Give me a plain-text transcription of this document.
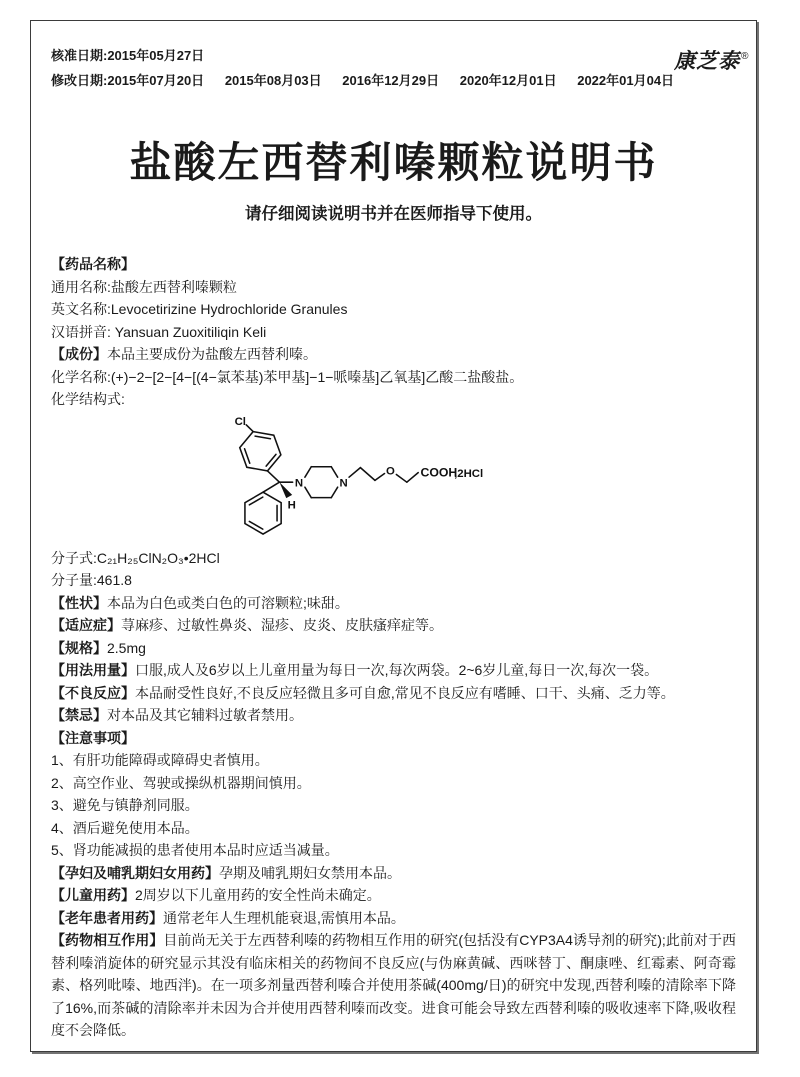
核准日期:2015年05月27日
修改日期:2015年07月20日 2015年08月03日 2016年12月29日 2020年12月01日 2022年01月04日
康芝泰®
盐酸左西替利嗪颗粒说明书
请仔细阅读说明书并在医师指导下使用。
【药品名称】
通用名称:盐酸左西替利嗪颗粒
英文名称:Levocetirizine Hydrochloride Granules
汉语拼音: Yansuan Zuoxitiliqin Keli
【成份】本品主要成份为盐酸左西替利嗪。
化学名称:(+)−2−[2−[4−[(4−氯苯基)苯甲基]−1−哌嗪基]乙氧基]乙酸二盐酸盐。
化学结构式:
Cl
N	N
O
H
COOH
,2HCl
分子式:C₂₁H₂₅ClN₂O₃•2HCl
分子量:461.8
【性状】本品为白色或类白色的可溶颗粒;味甜。
【适应症】荨麻疹、过敏性鼻炎、湿疹、皮炎、皮肤瘙痒症等。
【规格】2.5mg
【用法用量】口服,成人及6岁以上儿童用量为每日一次,每次两袋。2~6岁儿童,每日一次,每次一袋。
【不良反应】本品耐受性良好,不良反应轻微且多可自愈,常见不良反应有嗜睡、口干、头痛、乏力等。
【禁忌】对本品及其它辅料过敏者禁用。
【注意事项】
1、有肝功能障碍或障碍史者慎用。
2、高空作业、驾驶或操纵机器期间慎用。
3、避免与镇静剂同服。
4、酒后避免使用本品。
5、肾功能减损的患者使用本品时应适当减量。
【孕妇及哺乳期妇女用药】孕期及哺乳期妇女禁用本品。
【儿童用药】2周岁以下儿童用药的安全性尚未确定。
【老年患者用药】通常老年人生理机能衰退,需慎用本品。
【药物相互作用】目前尚无关于左西替利嗪的药物相互作用的研究(包括没有CYP3A4诱导剂的研究);此前对于西替利嗪消旋体的研究显示其没有临床相关的药物间不良反应(与伪麻黄碱、西咪替丁、酮康唑、红霉素、阿奇霉素、格列吡嗪、地西泮)。在一项多剂量西替利嗪合并使用茶碱(400mg/日)的研究中发现,西替利嗪的清除率下降了16%,而茶碱的清除率并未因为合并使用西替利嗪而改变。进食可能会导致左西替利嗪的吸收速率下降,吸收程度不会降低。
